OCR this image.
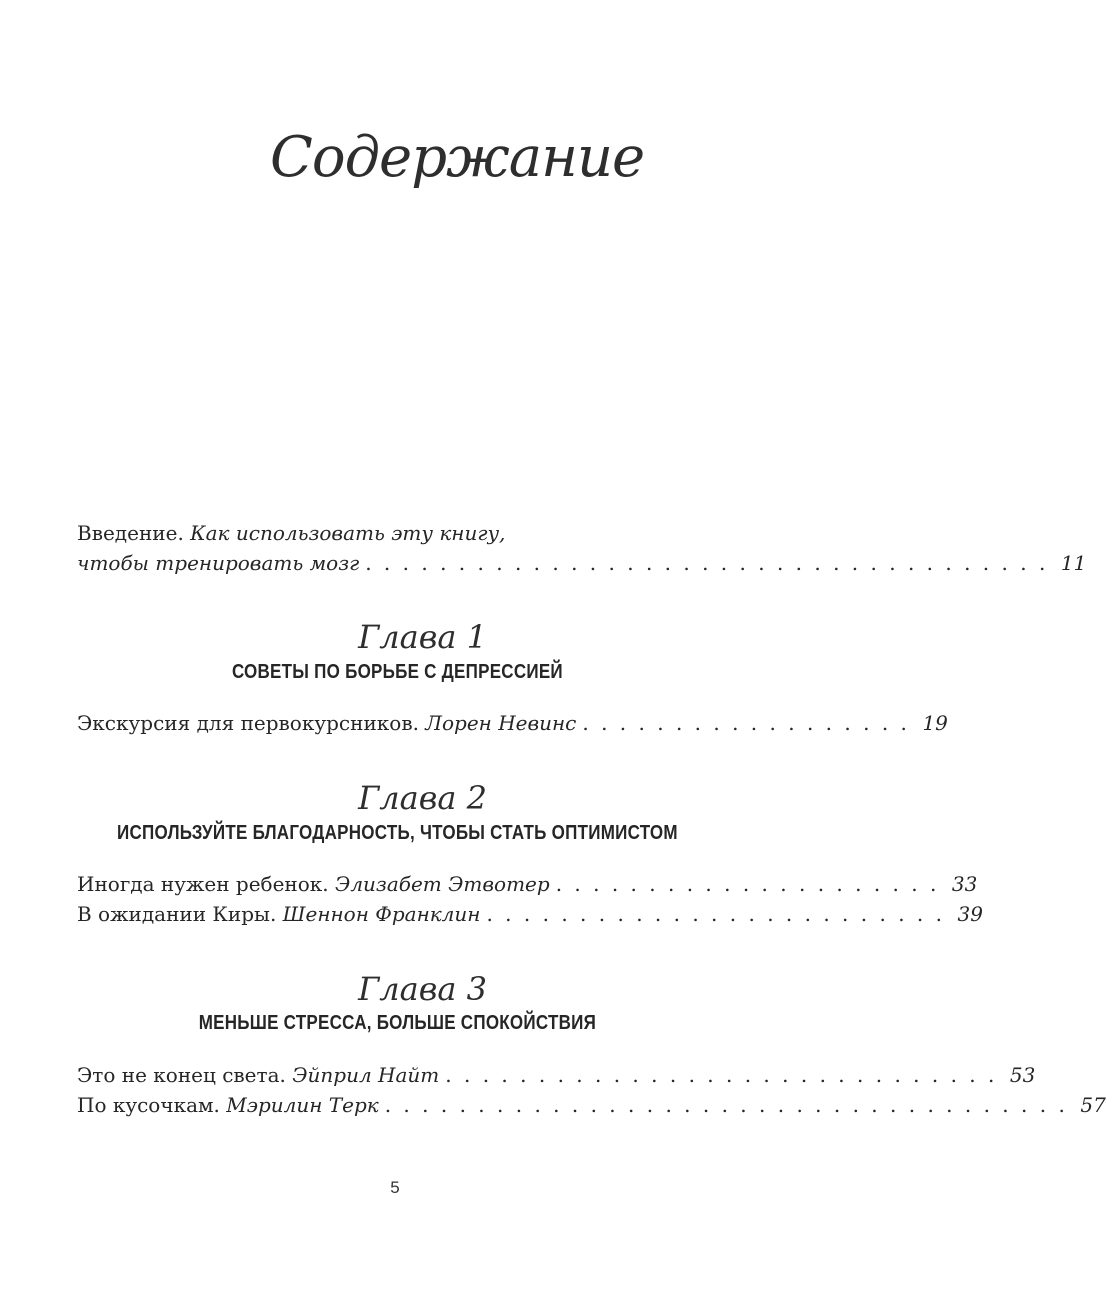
Содержание
Введение. Как использовать эту книгу,
чтобы тренировать мозг . . . . . . . . . . . . . . . . . . . . . . . . . . . . . . . . . . . . . 11
Глава 1
СОВЕТЫ ПО БОРЬБЕ С ДЕПРЕССИЕЙ
Экскурсия для первокурсников.
Лорен Невинс . . . . . . . . . . . . . . . . . . 19
Глава 2
ИСПОЛЬЗУЙТЕ БЛАГОДАРНОСТЬ, ЧТОБЫ СТАТЬ ОПТИМИСТОМ
Иногда нужен ребенок.
Элизабет Этвотер . . . . . . . . . . . . . . . . . . . . . 33
В ожидании Киры.
Шеннон Франклин . . . . . . . . . . . . . . . . . . . . . . . . . 39
Глава 3
МЕНЬШЕ СТРЕССА, БОЛЬШЕ СПОКОЙСТВИЯ
Это не конец света.
Эйприл Найт . . . . . . . . . . . . . . . . . . . . . . . . . . . . . . 53
По кусочкам.
Мэрилин Терк . . . . . . . . . . . . . . . . . . . . . . . . . . . . . . . . . . . . . 57
5
